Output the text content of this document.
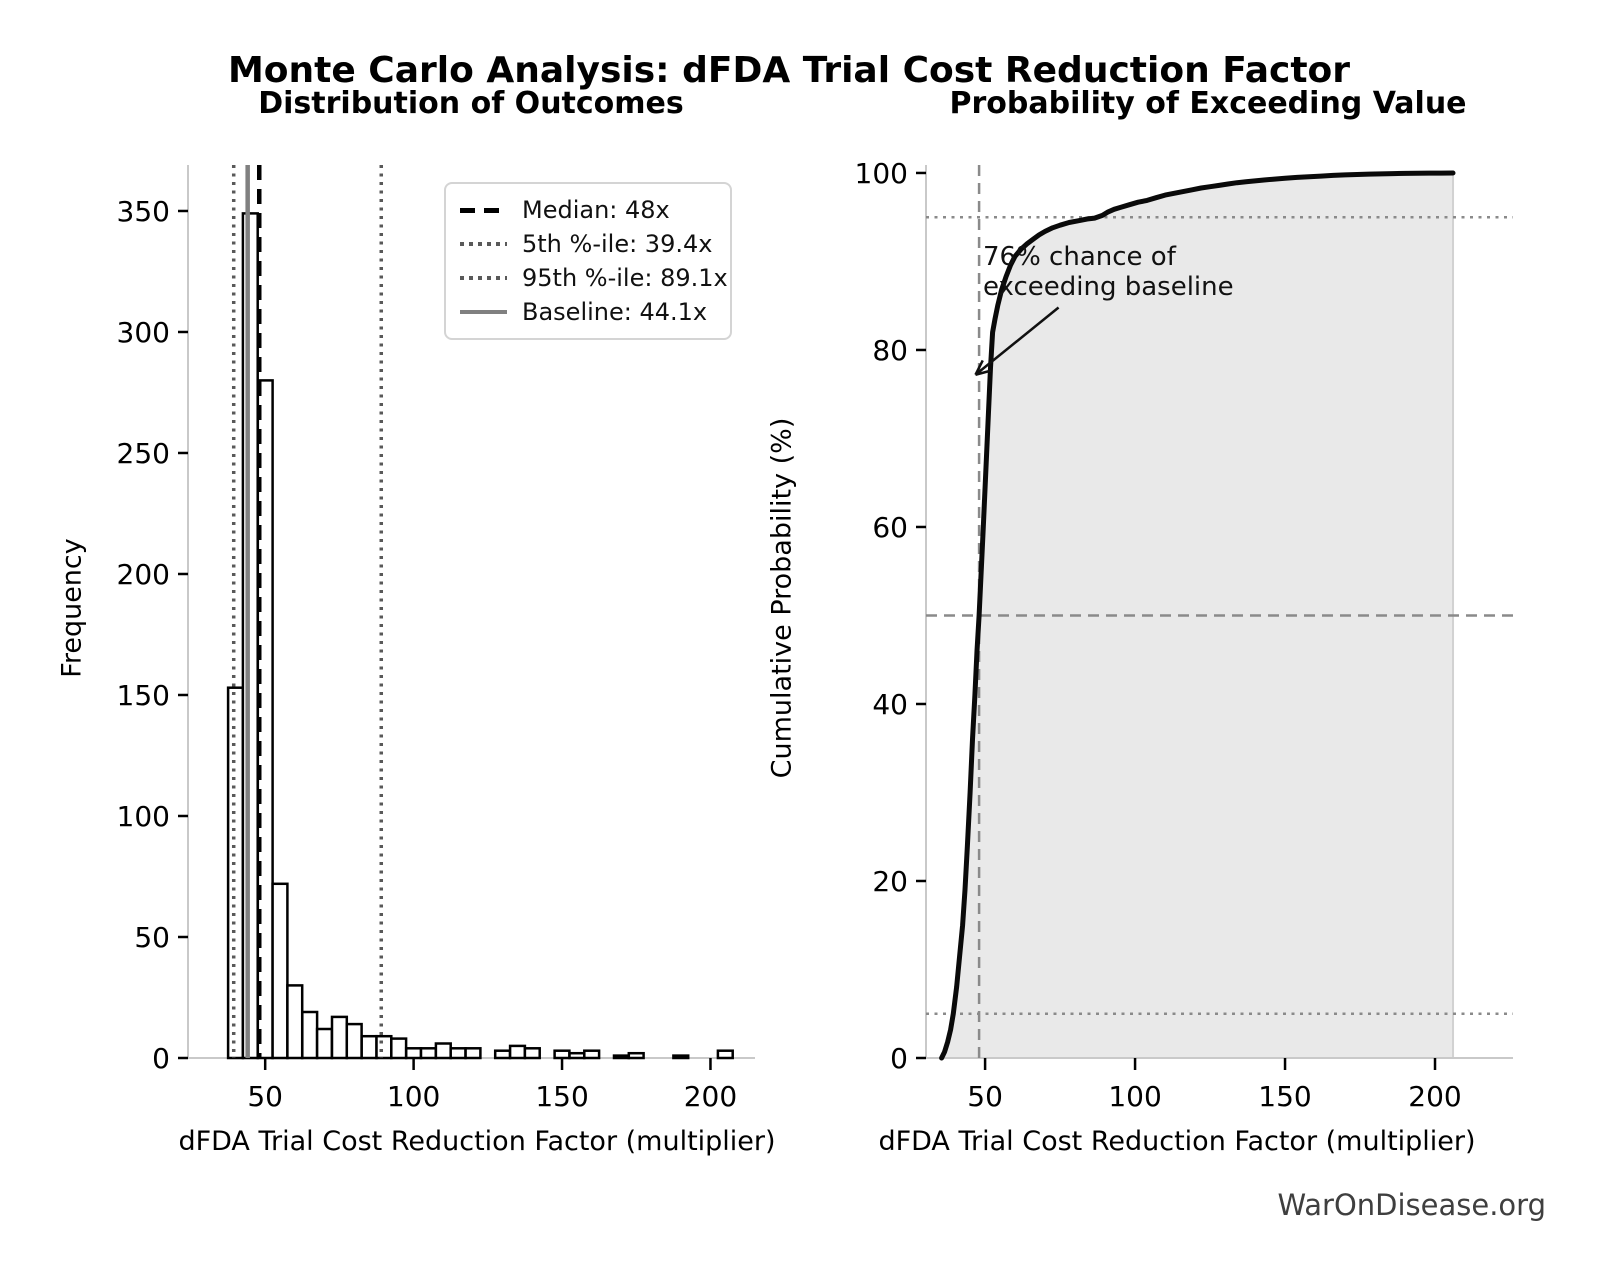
50	100	150	200
0
50
100
150
200
250
300
350
50	100	150	200
0
20
40
60
80
100
Monte Carlo Analysis: dFDA Trial Cost Reduction Factor
Distribution of Outcomes	Probability of Exceeding Value
Frequency	Cumulative Probability (%)
dFDA Trial Cost Reduction Factor (multiplier)	dFDA Trial Cost Reduction Factor (multiplier)
Median: 48x
5th %-ile: 39.4x
95th %-ile: 89.1x
Baseline: 44.1x
76% chance of
exceeding baseline
WarOnDisease.org
